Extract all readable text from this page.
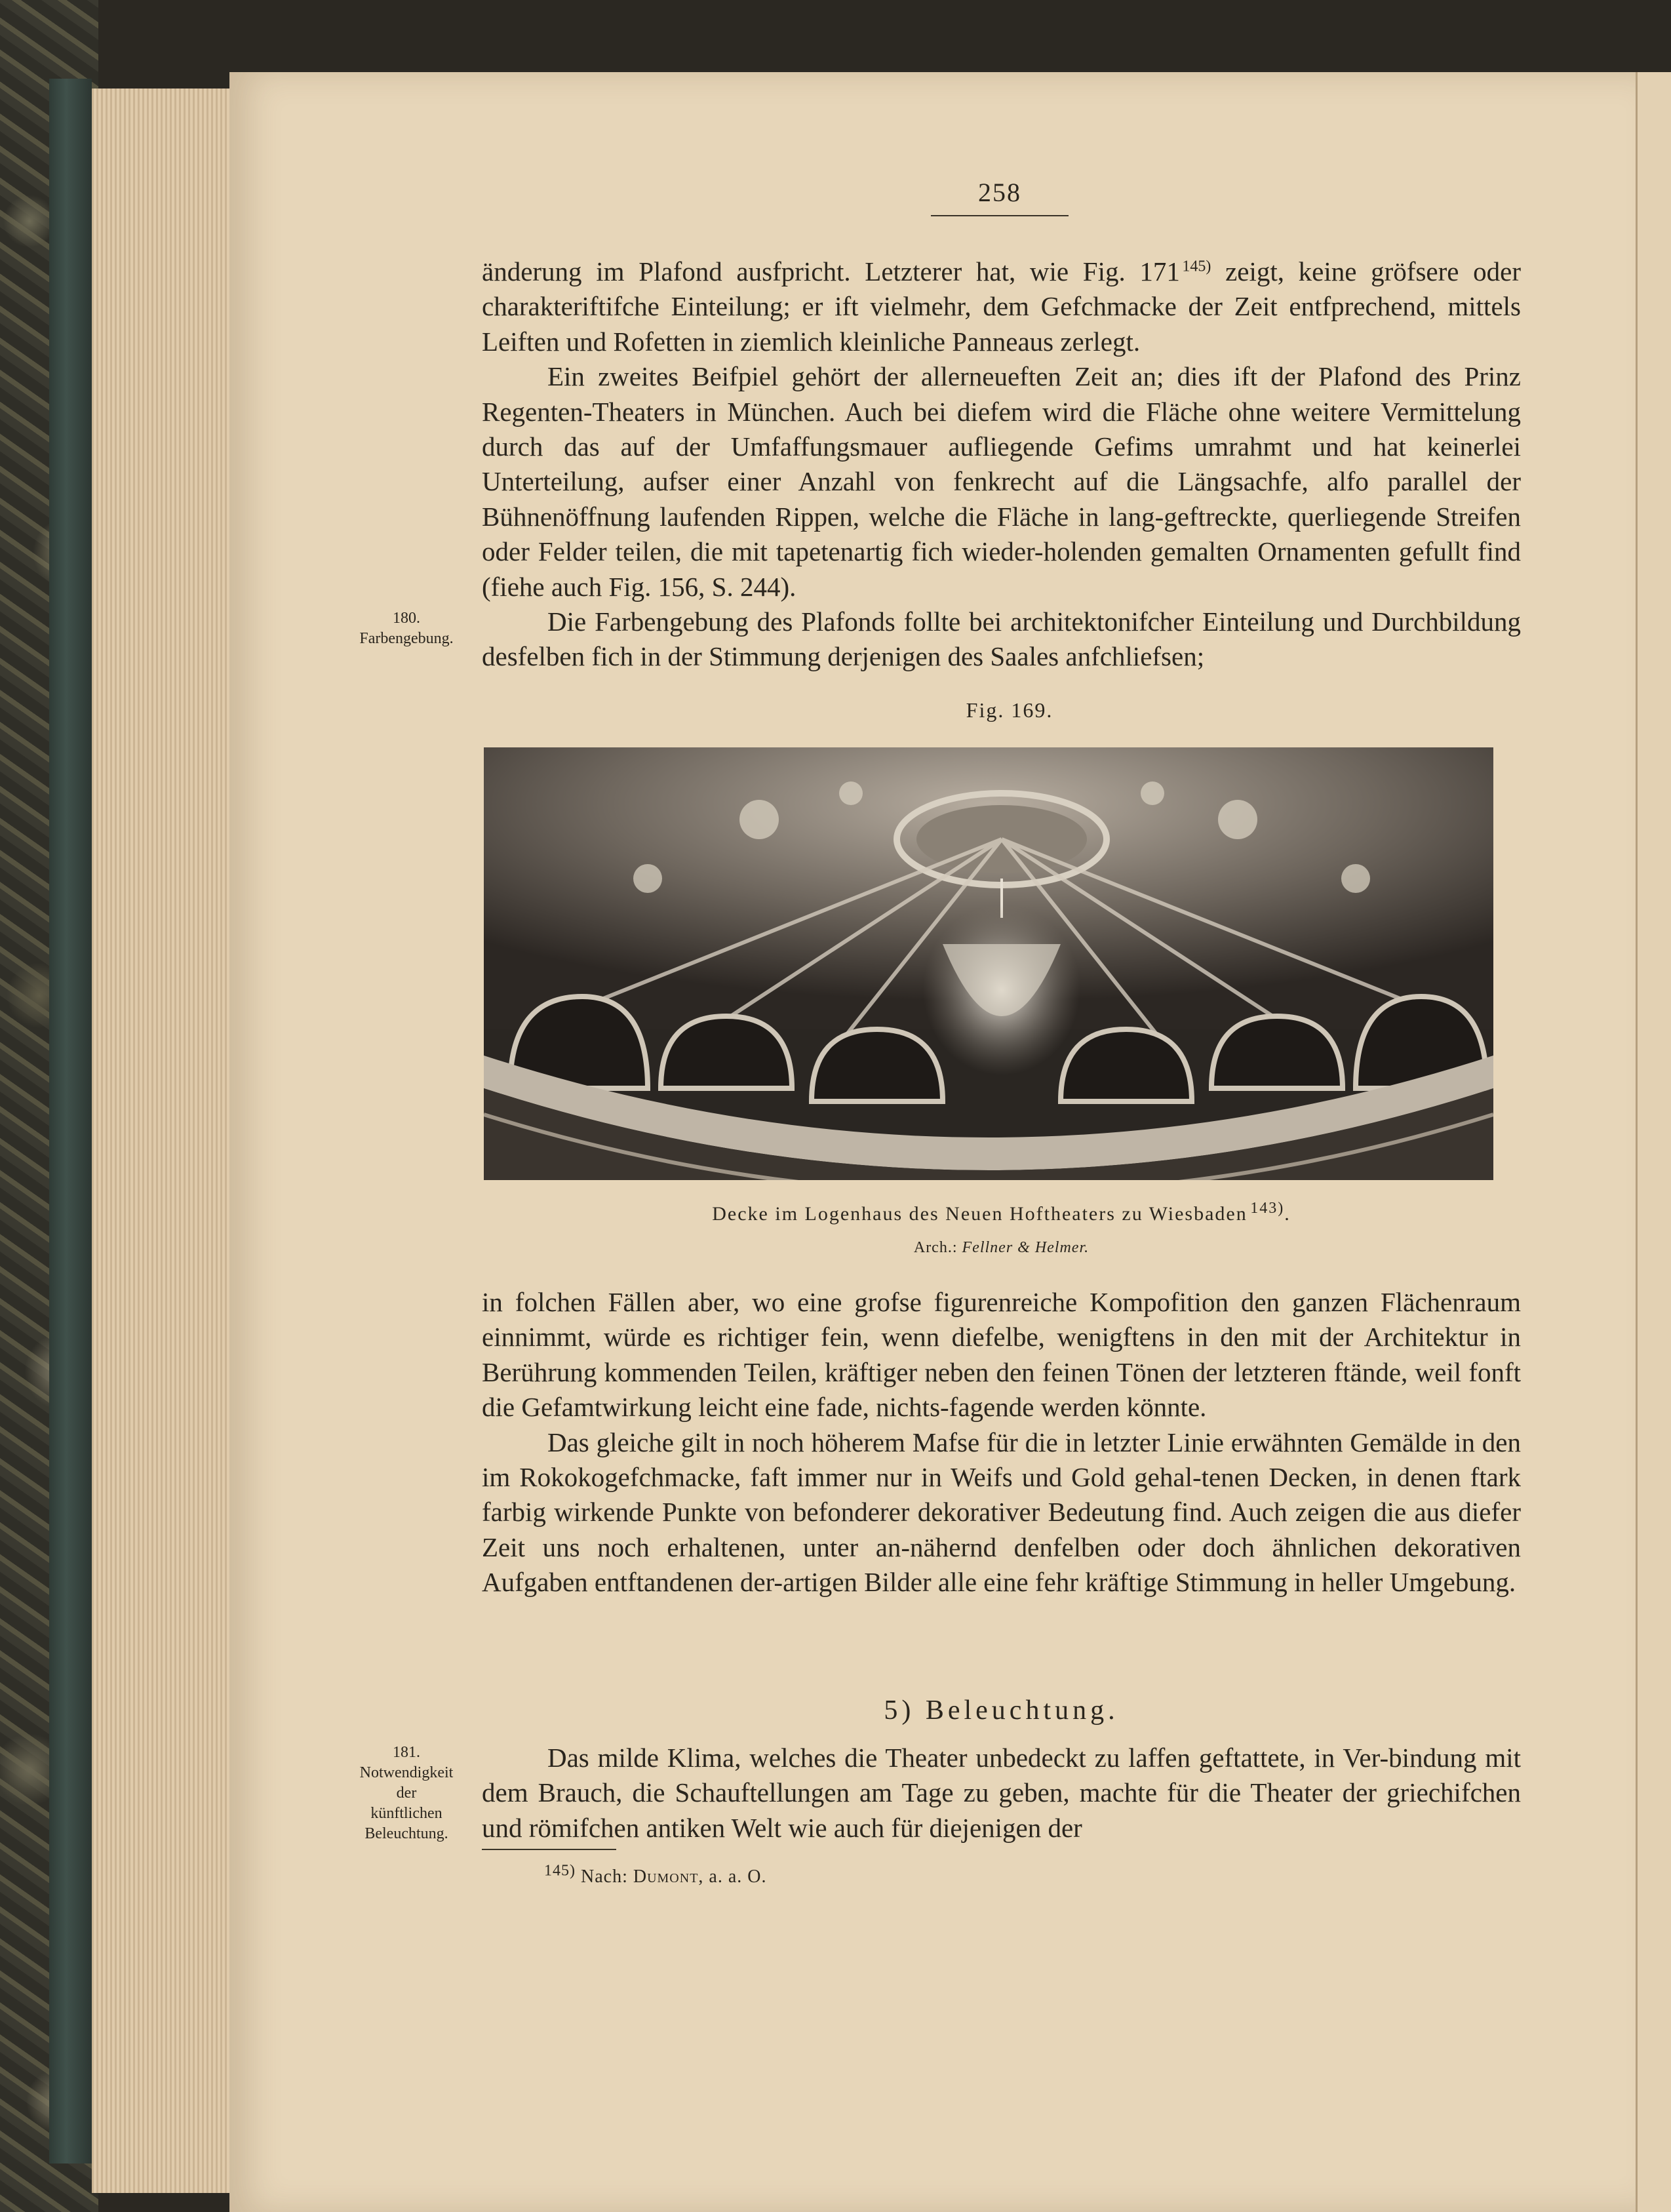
258

änderung im Plafond ausfpricht. Letzterer hat, wie Fig. 171  $^{145)}$ zeigt, keine gröfsere oder charakteriftifche Einteilung; er ift vielmehr, dem Gefchmacke der Zeit entfprechend, mittels Leiften und Rofetten in ziemlich kleinliche Panneaus zerlegt.

Ein zweites Beifpiel gehört der allerneueften Zeit an; dies ift der Plafond des Prinz Regenten-Theaters in München. Auch bei diefem wird die Fläche ohne weitere Vermittelung durch das auf der Umfaffungsmauer aufliegende Gefims umrahmt und hat keinerlei Unterteilung, aufser einer Anzahl von fenkrecht auf die Längsachfe, alfo parallel der Bühnenöffnung laufenden Rippen, welche die Fläche in lang-geftreckte, querliegende Streifen oder Felder teilen, die mit tapetenartig fich wieder-holenden gemalten Ornamenten gefullt find (fiehe auch Fig. 156, S. 244).

Die Farbengebung des Plafonds follte bei architektonifcher Einteilung und Durchbildung desfelben fich in der Stimmung derjenigen des Saales anfchliefsen;

180.
Farbengebung.
Fig. 169.
Decke im Logenhaus des Neuen Hoftheaters zu Wiesbaden  $^{143)}$.
Arch.: Fellner & Helmer.

in folchen Fällen aber, wo eine grofse figurenreiche Kompofition den ganzen Flächenraum einnimmt, würde es richtiger fein, wenn diefelbe, wenigftens in den mit der Architektur in Berührung kommenden Teilen, kräftiger neben den feinen Tönen der letzteren ftände, weil fonft die Gefamtwirkung leicht eine fade, nichts-fagende werden könnte.

Das gleiche gilt in noch höherem Mafse für die in letzter Linie erwähnten Gemälde in den im Rokokogefchmacke, faft immer nur in Weifs und Gold gehal-tenen Decken, in denen ftark farbig wirkende Punkte von befonderer dekorativer Bedeutung find. Auch zeigen die aus diefer Zeit uns noch erhaltenen, unter an-nähernd denfelben oder doch ähnlichen dekorativen Aufgaben entftandenen der-artigen Bilder alle eine fehr kräftige Stimmung in heller Umgebung.

5) Beleuchtung.
181.
Notwendigkeit
der
künftlichen
Beleuchtung.

Das milde Klima, welches die Theater unbedeckt zu laffen geftattete, in Ver-bindung mit dem Brauch, die Schauftellungen am Tage zu geben, machte für die Theater der griechifchen und römifchen antiken Welt wie auch für diejenigen der

$^{145)}$ Nach: Dumont, a. a. O.
